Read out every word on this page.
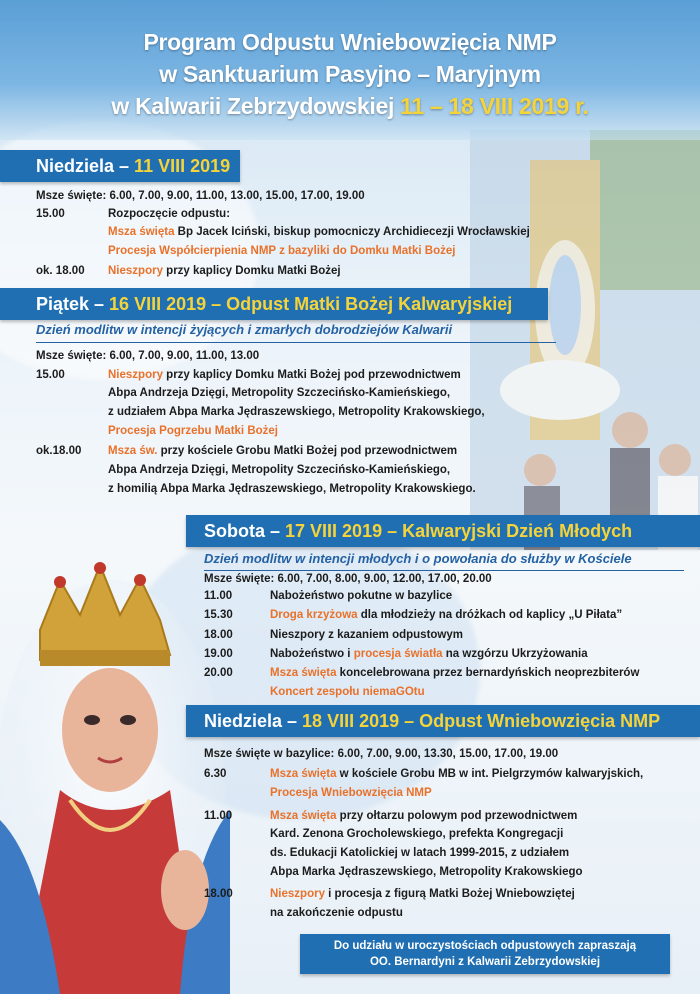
Program Odpustu Wniebowzięcia NMP
w Sanktuarium Pasyjno – Maryjnym
w Kalwarii Zebrzydowskiej 11 – 18 VIII 2019 r.
Niedziela – 11 VIII 2019
Msze święte: 6.00, 7.00, 9.00, 11.00, 13.00, 15.00, 17.00, 19.00
15.00	Rozpoczęcie odpustu:
Msza święta Bp Jacek Iciński, biskup pomocniczy Archidiecezji Wrocławskiej
Procesja Współcierpienia NMP z bazyliki do Domku Matki Bożej
ok. 18.00 Nieszpory przy kaplicy Domku Matki Bożej
Piątek – 16 VIII 2019 – Odpust Matki Bożej Kalwaryjskiej
Dzień modlitw w intencji żyjących i zmarłych dobrodziejów Kalwarii
Msze święte: 6.00, 7.00, 9.00, 11.00, 13.00
15.00	Nieszpory przy kaplicy Domku Matki Bożej pod przewodnictwem
Abpa Andrzeja Dzięgi, Metropolity Szczecińsko-Kamieńskiego,
z udziałem Abpa Marka Jędraszewskiego, Metropolity Krakowskiego,
Procesja Pogrzebu Matki Bożej
ok.18.00 Msza św. przy kościele Grobu Matki Bożej pod przewodnictwem
Abpa Andrzeja Dzięgi, Metropolity Szczecińsko-Kamieńskiego,
z homilią Abpa Marka Jędraszewskiego, Metropolity Krakowskiego.
Sobota – 17 VIII 2019 – Kalwaryjski Dzień Młodych
Dzień modlitw w intencji młodych i o powołania do służby w Kościele
Msze święte: 6.00, 7.00, 8.00, 9.00, 12.00, 17.00, 20.00
11.00	Nabożeństwo pokutne w bazylice
15.30	Droga krzyżowa dla młodzieży na dróżkach od kaplicy „U Piłata”
18.00	Nieszpory z kazaniem odpustowym
19.00	Nabożeństwo i procesja światła na wzgórzu Ukrzyżowania
20.00	Msza święta koncelebrowana przez bernardyńskich neoprezbiterów
Koncert zespołu niemaGOtu
Niedziela – 18 VIII 2019 – Odpust Wniebowzięcia NMP
Msze święte w bazylice: 6.00, 7.00, 9.00, 13.30, 15.00, 17.00, 19.00
6.30	Msza święta w kościele Grobu MB w int. Pielgrzymów kalwaryjskich,
Procesja Wniebowzięcia NMP
11.00	Msza święta przy ołtarzu polowym pod przewodnictwem
Kard. Zenona Grocholewskiego, prefekta Kongregacji
ds. Edukacji Katolickiej w latach 1999-2015, z udziałem
Abpa Marka Jędraszewskiego, Metropolity Krakowskiego
18.00	Nieszpory i procesja z figurą Matki Bożej Wniebowziętej
na zakończenie odpustu
Do udziału w uroczystościach odpustowych zapraszają
OO. Bernardyni z Kalwarii Zebrzydowskiej
